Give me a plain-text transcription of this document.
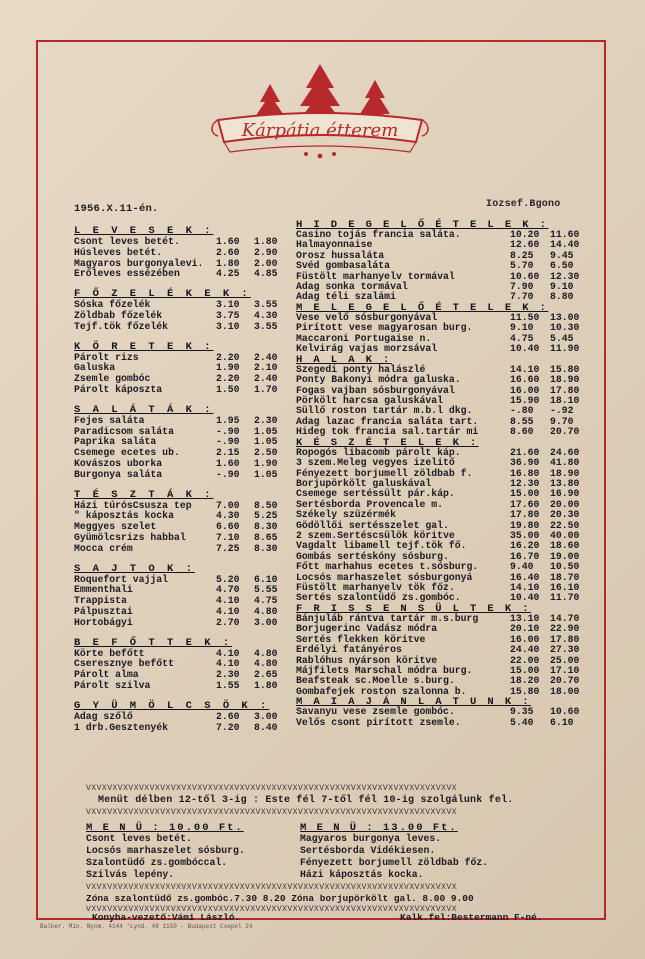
Kárpátia étterem
1956.X.11-én.	Iozsef.Bgono
L E V E S E K :
Csont leves betét.	1.60 1.80
Húsleves betét.	2.60 2.90
Magyaros burgonyalevi. 1.80 2.00
Erőleves essézében	4.25 4.85
F Ő Z E L É K E K :
Sóska főzelék	3.10 3.55
Zöldbab főzelék	3.75 4.30
Tejf.tök főzelék	3.10 3.55
K Ö R E T E K :
Párolt rizs	2.20 2.40
Galuska	1.90 2.10
Zsemle gombóc	2.20 2.40
Párolt káposzta	1.50 1.70
S A L Á T Á K :
Fejes saláta	1.95 2.30
Paradicsom saláta	-.90 1.05
Paprika saláta	-.90 1.05
Csemege ecetes ub.	2.15 2.50
Kovászos uborka	1.60 1.90
Burgonya saláta	-.90 1.05
T É S Z T Á K :
Házi túrósCsusza tep 7.00 8.50
" káposztás kocka	4.30 5.25
Meggyes szelet	6.60 8.30
Gyümölcsrizs habbal	7.10 8.65
Mocca crém	7.25 8.30
S A J T O K :
Roquefort vajjal	5.20 6.10
Emmenthali	4.70 5.55
Trappista	4.10 4.75
Pálpusztai	4.10 4.80
Hortobágyi	2.70 3.00
B E F Ő T T E K :
Körte befőtt	4.10 4.80
Cseresznye befőtt	4.10 4.80
Párolt alma	2.30 2.65
Párolt szilva	1.55 1.80
G Y Ü M Ö L C S Ö K :
Adag szőlő	2.60 3.00
1 drb.Gesztenyék	7.20 8.40
H I D E G E L Ő É T E L E K :
Casino tojás francia saláta.	10.20 11.60
Halmayonnaise	12.60 14.40
Orosz hussaláta	8.25 9.45
Svéd gombasaláta	5.70 6.50
Füstölt marhanyelv tormával	10.60 12.30
Adag sonka tormával	7.90 9.10
Adag téli szalámi	7.70 8.80
M E L E G E L Ő É T E L E K :
Vese velő sósburgonyával	11.50 13.00
Pirított vese magyarosan burg.	9.10 10.30
Maccaroni Portugaise n.	4.75 5.45
Kelvirág vajas morzsával	10.40 11.90
H A L A K :
Szegedi ponty halászlé	14.10 15.80
Ponty Bakonyi módra galuska.	16.60 18.90
Fogas vajban sósburgonyával	16.00 17.80
Pörkölt harcsa galuskával	15.90 18.10
Süllő roston tartár m.b.l dkg.	-.80 -.92
Adag lazac francia saláta tart.	8.55 9.70
Hideg tok francia sal.tartár mi	8.60 20.70
K É S Z É T E L E K :
Ropogós libacomb párolt káp.	21.60 24.60
3 szem.Meleg vegyes izelitő	36.90 41.80
Fényezett borjumell zöldbab f.	16.80 18.90
Borjupörkölt galuskával	12.30 13.80
Csemege sertéssült pár.káp.	15.00 16.90
Sertésborda Provencale m.	17.60 20.00
Székely szüzérmék	17.80 20.30
Gödöllői sertésszelet gal.	19.80 22.50
2 szem.Sertéscsülök köritve	35.00 40.00
Vagdalt libamell tejf.tök fő.	16.20 18.60
Gombás sertéskóny sósburg.	16.70 19.00
Főtt marhahus ecetes t.sósburg.	9.40 10.50
Locsós marhaszelet sósburgonyá	16.40 18.70
Füstölt marhanyelv tök főz.	14.10 16.10
Sertés szalontüdő zs.gombóc.	10.40 11.70
F R I S S E N S Ü L T E K :
Bánjuláb rántva tartár m.s.burg	13.10 14.70
Borjugerinc Vadász módra	20.10 22.90
Sertés flekken köritve	16.00 17.80
Erdélyi fatányéros	24.40 27.30
Rablóhus nyárson köritve	22.00 25.00
Májfilets Marschal módra burg.	15.00 17.10
Beafsteak sc.Moelle s.burg.	18.20 20.70
Gombafejek roston szalonna b.	15.80 18.00
M A I A J Á N L A T U N K :
Savanyu vese zsemle gombóc.	9.35 10.60
Velős csont pirított zsemle.	5.40 6.10
VXVXVXVXVXVXVXVXVXVXVXVXVXVXVXVXVXVXVXVXVXVXVXVXVXVXVXVXVXVXVXVXVXVXVX
Menüt délben 12-től 3-ig : Este fél 7-től fél 10-ig szolgálunk fel.
VXVXVXVXVXVXVXVXVXVXVXVXVXVXVXVXVXVXVXVXVXVXVXVXVXVXVXVXVXVXVXVXVXVXVX
M E N Ü : 10.00 Ft.
Csont leves betét.
Locsós marhaszelet sósburg.
Szalontüdő zs.gombóccal.
Szilvás lepény.
M E N Ü : 13.00 Ft.
Magyaros burgonya leves.
Sertésborda Vidékiesen.
Fényezett borjumell zöldbab főz.
Házi káposztás kocka.
VXVXVXVXVXVXVXVXVXVXVXVXVXVXVXVXVXVXVXVXVXVXVXVXVXVXVXVXVXVXVXVXVXVXVX
Zóna szalontüdő zs.gombóc.7.30 8.20 Zóna borjupörkölt gal. 8.00 9.00
VXVXVXVXVXVXVXVXVXVXVXVXVXVXVXVXVXVXVXVXVXVXVXVXVXVXVXVXVXVXVXVXVXVXVX
Konyha-vezető:Vámi László.	Kalk.fel:Bestermann F-né.
Balker. Min. Nyom. 4144 'Lynd. 48 1150 - Budapest Csepel 24
